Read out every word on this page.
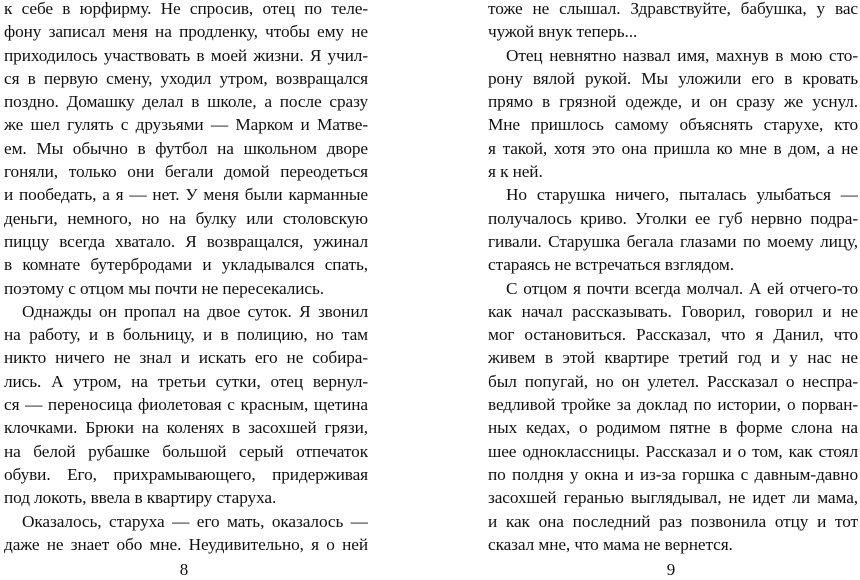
к себе в юрфирму. Не спросив, отец по теле-
фону записал меня на продленку, чтобы ему не
приходилось участвовать в моей жизни. Я учил-
ся в первую смену, уходил утром, возвращался
поздно. Домашку делал в школе, а после сразу
же шел гулять с друзьями — Марком и Матве-
ем. Мы обычно в футбол на школьном дворе
гоняли, только они бегали домой переодеться
и пообедать, а я — нет. У меня были карманные
деньги, немного, но на булку или столовскую
пиццу всегда хватало. Я возвращался, ужинал
в комнате бутербродами и укладывался спать,
поэтому с отцом мы почти не пересекались.
Однажды он пропал на двое суток. Я звонил
на работу, и в больницу, и в полицию, но там
никто ничего не знал и искать его не собира-
лись. А утром, на третьи сутки, отец вернул-
ся — переносица фиолетовая с красным, щетина
клочками. Брюки на коленях в засохшей грязи,
на белой рубашке большой серый отпечаток
обуви. Его, прихрамывающего, придерживая
под локоть, ввела в квартиру старуха.
Оказалось, старуха — его мать, оказалось —
даже не знает обо мне. Неудивительно, я о ней
8
тоже не слышал. Здравствуйте, бабушка, у вас
чужой внук теперь...
Отец невнятно назвал имя, махнув в мою сто-
рону вялой рукой. Мы уложили его в кровать
прямо в грязной одежде, и он сразу же уснул.
Мне пришлось самому объяснять старухе, кто
я такой, хотя это она пришла ко мне в дом, а не
я к ней.
Но старушка ничего, пыталась улыбаться —
получалось криво. Уголки ее губ нервно подра-
гивали. Старушка бегала глазами по моему лицу,
стараясь не встречаться взглядом.
С отцом я почти всегда молчал. А ей отчего-то
как начал рассказывать. Говорил, говорил и не
мог остановиться. Рассказал, что я Данил, что
живем в этой квартире третий год и у нас не
был попугай, но он улетел. Рассказал о неспра-
ведливой тройке за доклад по истории, о порван-
ных кедах, о родимом пятне в форме слона на
шее одноклассницы. Рассказал и о том, как стоял
по полдня у окна и из-за горшка с давным-давно
засохшей геранью выглядывал, не идет ли мама,
и как она последний раз позвонила отцу и тот
сказал мне, что мама не вернется.
9
